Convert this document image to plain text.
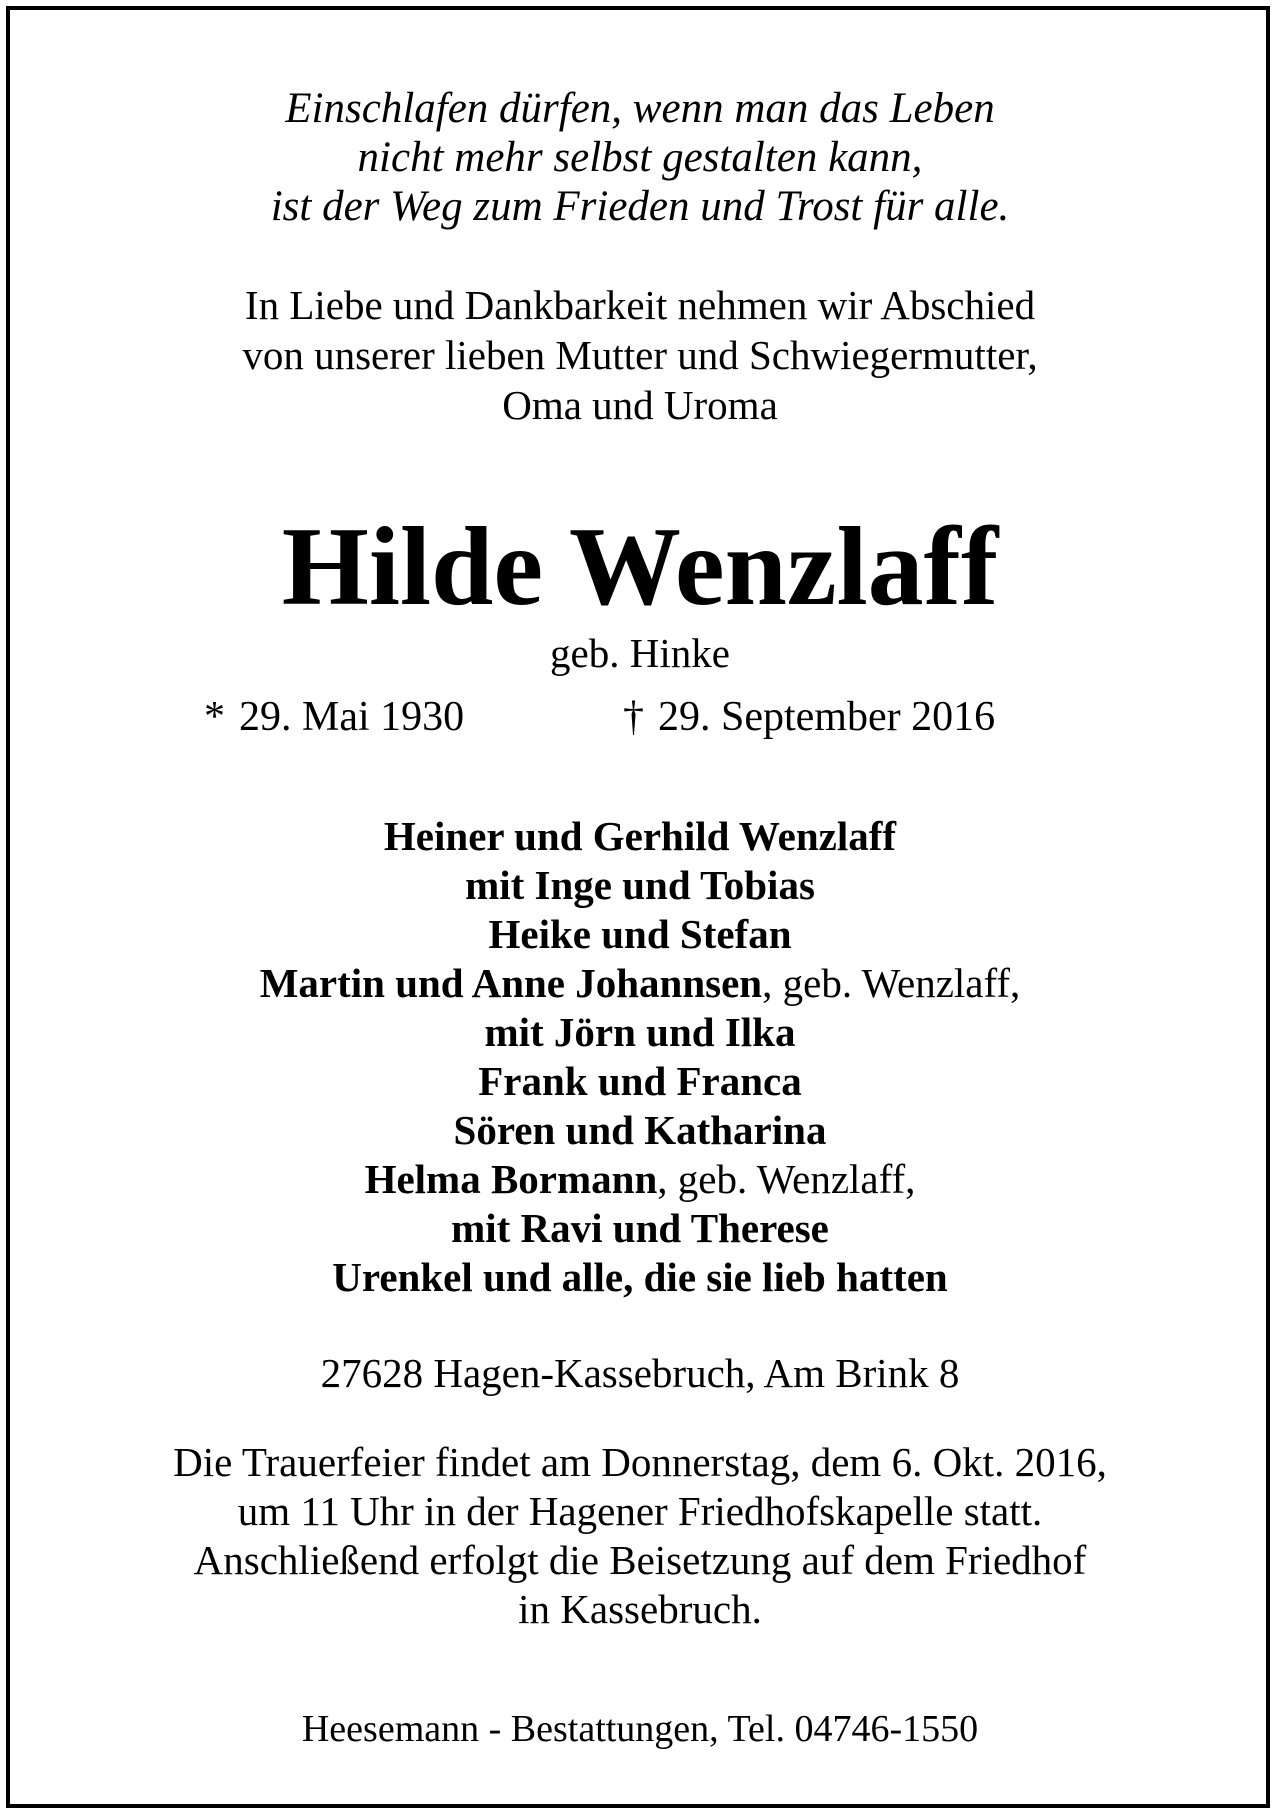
Einschlafen dürfen, wenn man das Leben
nicht mehr selbst gestalten kann,
ist der Weg zum Frieden und Trost für alle.
In Liebe und Dankbarkeit nehmen wir Abschied
von unserer lieben Mutter und Schwiegermutter,
Oma und Uroma
Hilde Wenzlaff
geb. Hinke
* 29. Mai 1930	† 29. September 2016
Heiner und Gerhild Wenzlaff
mit Inge und Tobias
Heike und Stefan
Martin und Anne Johannsen, geb. Wenzlaff,
mit Jörn und Ilka
Frank und Franca
Sören und Katharina
Helma Bormann, geb. Wenzlaff,
mit Ravi und Therese
Urenkel und alle, die sie lieb hatten
27628 Hagen-Kassebruch, Am Brink 8
Die Trauerfeier findet am Donnerstag, dem 6. Okt. 2016,
um 11 Uhr in der Hagener Friedhofskapelle statt.
Anschließend erfolgt die Beisetzung auf dem Friedhof
in Kassebruch.
Heesemann - Bestattungen, Tel. 04746-1550
